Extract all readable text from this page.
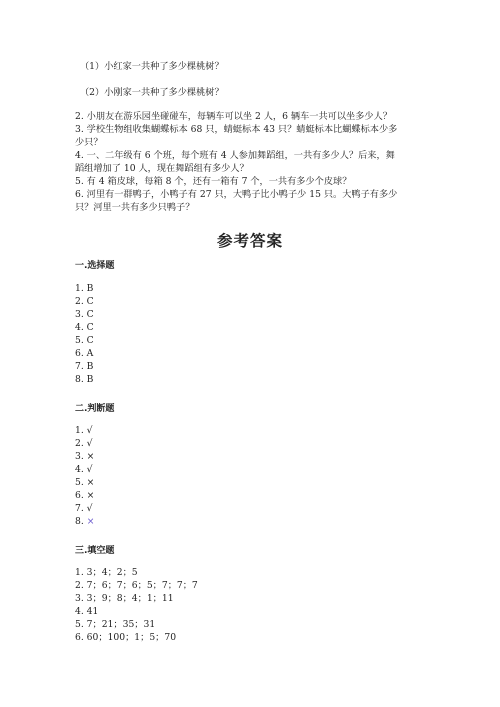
（1）小红家一共种了多少棵桃树？
（2）小刚家一共种了多少棵桃树？
2. 小朋友在游乐园坐碰碰车，每辆车可以坐 2 人，6 辆车一共可以坐多少人？
3. 学校生物组收集蝴蝶标本 68 只，蜻蜓标本 43 只？蜻蜓标本比蝴蝶标本少多
少只？
4. 一、二年级有 6 个班，每个班有 4 人参加舞蹈组，一共有多少人？后来，舞
蹈组增加了 10 人，现在舞蹈组有多少人？
5. 有 4 箱皮球，每箱 8 个，还有一箱有 7 个，一共有多少个皮球？
6. 河里有一群鸭子，小鸭子有 27 只，大鸭子比小鸭子少 15 只。大鸭子有多少
只？河里一共有多少只鸭子？
参考答案
一.选择题
1. B
2. C
3. C
4. C
5. C
6. A
7. B
8. B
二.判断题
1. √
2. √
3. ×
4. √
5. ×
6. ×
7. √
8. ×
三.填空题
1. 3；4；2；5
2. 7；6；7；6；5；7；7；7
3. 3；9；8；4；1；11
4. 41
5. 7；21；35；31
6. 60；100；1；5；70
